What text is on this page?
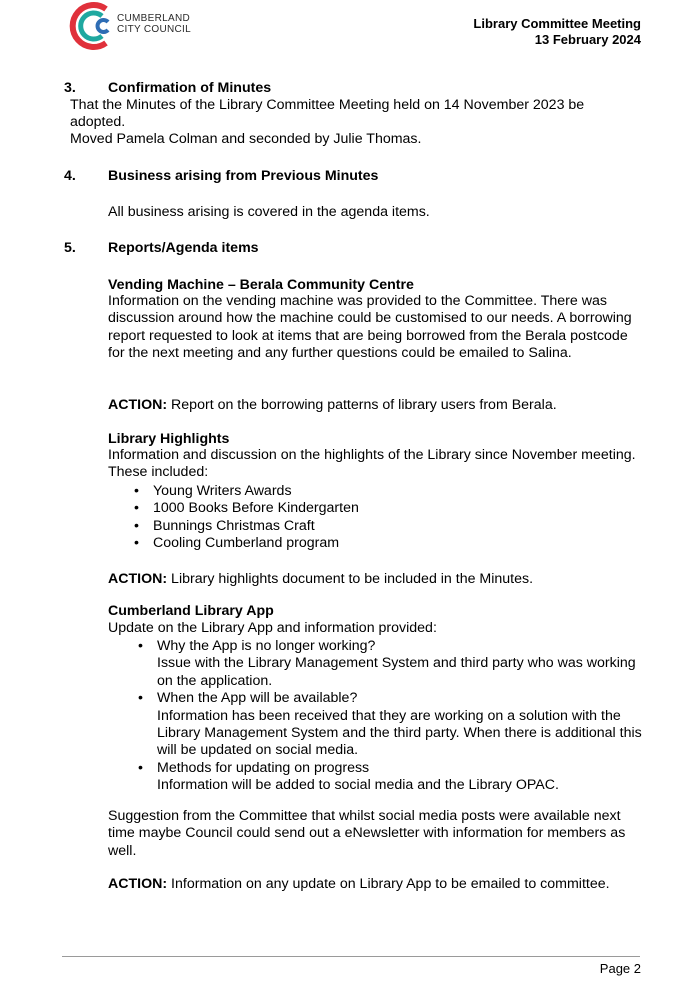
CUMBERLAND
CITY COUNCIL	Library Committee Meeting
13 February 2024
3. Confirmation of Minutes
That the Minutes of the Library Committee Meeting held on 14 November 2023 be adopted.
Moved Pamela Colman and seconded by Julie Thomas.
4. Business arising from Previous Minutes
All business arising is covered in the agenda items.
5. Reports/Agenda items
Vending Machine – Berala Community Centre
Information on the vending machine was provided to the Committee. There was discussion around how the machine could be customised to our needs. A borrowing report requested to look at items that are being borrowed from the Berala postcode for the next meeting and any further questions could be emailed to Salina.
ACTION: Report on the borrowing patterns of library users from Berala.
Library Highlights
Information and discussion on the highlights of the Library since November meeting. These included:
• Young Writers Awards
• 1000 Books Before Kindergarten
• Bunnings Christmas Craft
• Cooling Cumberland program
ACTION: Library highlights document to be included in the Minutes.
Cumberland Library App
Update on the Library App and information provided:
• Why the App is no longer working?
Issue with the Library Management System and third party who was working on the application.
• When the App will be available?
Information has been received that they are working on a solution with the Library Management System and the third party. When there is additional this will be updated on social media.
• Methods for updating on progress
Information will be added to social media and the Library OPAC.
Suggestion from the Committee that whilst social media posts were available next time maybe Council could send out a eNewsletter with information for members as well.
ACTION: Information on any update on Library App to be emailed to committee.
Page 2
